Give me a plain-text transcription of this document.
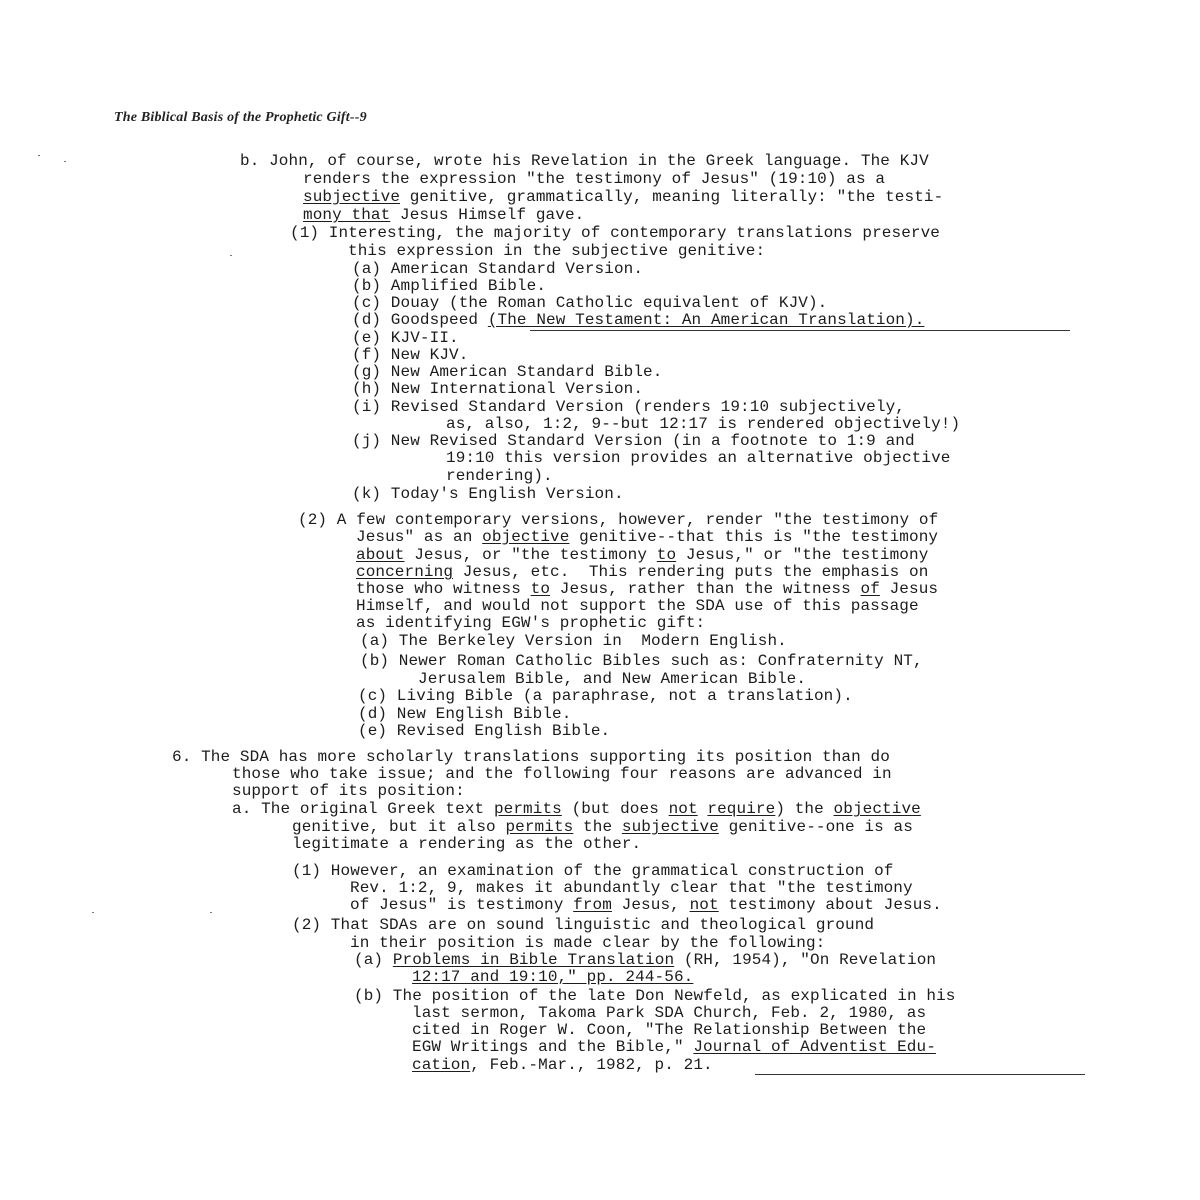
The Biblical Basis of the Prophetic Gift--9
b. John, of course, wrote his Revelation in the Greek language. The KJV
renders the expression "the testimony of Jesus" (19:10) as a
subjective genitive, grammatically, meaning literally: "the testi-
mony that Jesus Himself gave.
(1) Interesting, the majority of contemporary translations preserve
this expression in the subjective genitive:
(a) American Standard Version.
(b) Amplified Bible.
(c) Douay (the Roman Catholic equivalent of KJV).
(d) Goodspeed (The New Testament: An American Translation).
(e) KJV-II.
(f) New KJV.
(g) New American Standard Bible.
(h) New International Version.
(i) Revised Standard Version (renders 19:10 subjectively,
as, also, 1:2, 9--but 12:17 is rendered objectively!)
(j) New Revised Standard Version (in a footnote to 1:9 and
19:10 this version provides an alternative objective
rendering).
(k) Today's English Version.
(2) A few contemporary versions, however, render "the testimony of
Jesus" as an objective genitive--that this is "the testimony
about Jesus, or "the testimony to Jesus," or "the testimony
concerning Jesus, etc.  This rendering puts the emphasis on
those who witness to Jesus, rather than the witness of Jesus
Himself, and would not support the SDA use of this passage
as identifying EGW's prophetic gift:
(a) The Berkeley Version in  Modern English.
(b) Newer Roman Catholic Bibles such as: Confraternity NT,
Jerusalem Bible, and New American Bible.
(c) Living Bible (a paraphrase, not a translation).
(d) New English Bible.
(e) Revised English Bible.
6. The SDA has more scholarly translations supporting its position than do
those who take issue; and the following four reasons are advanced in
support of its position:
a. The original Greek text permits (but does not require) the objective
genitive, but it also permits the subjective genitive--one is as
legitimate a rendering as the other.
(1) However, an examination of the grammatical construction of
Rev. 1:2, 9, makes it abundantly clear that "the testimony
of Jesus" is testimony from Jesus, not testimony about Jesus.
(2) That SDAs are on sound linguistic and theological ground
in their position is made clear by the following:
(a) Problems in Bible Translation (RH, 1954), "On Revelation
12:17 and 19:10," pp. 244-56.
(b) The position of the late Don Newfeld, as explicated in his
last sermon, Takoma Park SDA Church, Feb. 2, 1980, as
cited in Roger W. Coon, "The Relationship Between the
EGW Writings and the Bible," Journal of Adventist Edu-
cation, Feb.-Mar., 1982, p. 21.
